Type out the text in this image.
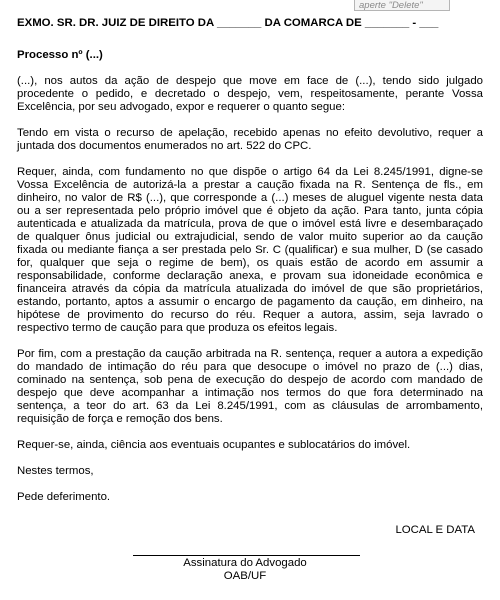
aperte "Delete"

EXMO. SR. DR. JUIZ DE DIREITO DA _______ DA COMARCA DE _______ - ___

Processo nº (...)

(...), nos autos da ação de despejo que move em face de (...), tendo sido julgado procedente o pedido, e decretado o despejo, vem, respeitosamente, perante Vossa Excelência, por seu advogado, expor e requerer o quanto segue:

Tendo em vista o recurso de apelação, recebido apenas no efeito devolutivo, requer a juntada dos documentos enumerados no art. 522 do CPC.

Requer, ainda, com fundamento no que dispõe o artigo 64 da Lei 8.245/1991, digne-se Vossa Excelência de autorizá-la a prestar a caução fixada na R. Sentença de fls., em dinheiro, no valor de R$ (...), que corresponde a (...) meses de aluguel vigente nesta data ou a ser representada pelo próprio imóvel que é objeto da ação. Para tanto, junta cópia autenticada e atualizada da matrícula, prova de que o imóvel está livre e desembaraçado de qualquer ônus judicial ou extrajudicial, sendo de valor muito superior ao da caução fixada ou mediante fiança a ser prestada pelo Sr. C (qualificar) e sua mulher, D (se casado for, qualquer que seja o regime de bem), os quais estão de acordo em assumir a responsabilidade, conforme declaração anexa, e provam sua idoneidade econômica e financeira através da cópia da matrícula atualizada do imóvel de que são proprietários, estando, portanto, aptos a assumir o encargo de pagamento da caução, em dinheiro, na hipótese de provimento do recurso do réu. Requer a autora, assim, seja lavrado o respectivo termo de caução para que produza os efeitos legais.

Por fim, com a prestação da caução arbitrada na R. sentença, requer a autora a expedição do mandado de intimação do réu para que desocupe o imóvel no prazo de (...) dias, cominado na sentença, sob pena de execução do despejo de acordo com mandado de despejo que deve acompanhar a intimação nos termos do que fora determinado na sentença, a teor do art. 63 da Lei 8.245/1991, com as cláusulas de arrombamento, requisição de força e remoção dos bens.

Requer-se, ainda, ciência aos eventuais ocupantes e sublocatários do imóvel.

Nestes termos,

Pede deferimento.

LOCAL E DATA

Assinatura do Advogado
OAB/UF
